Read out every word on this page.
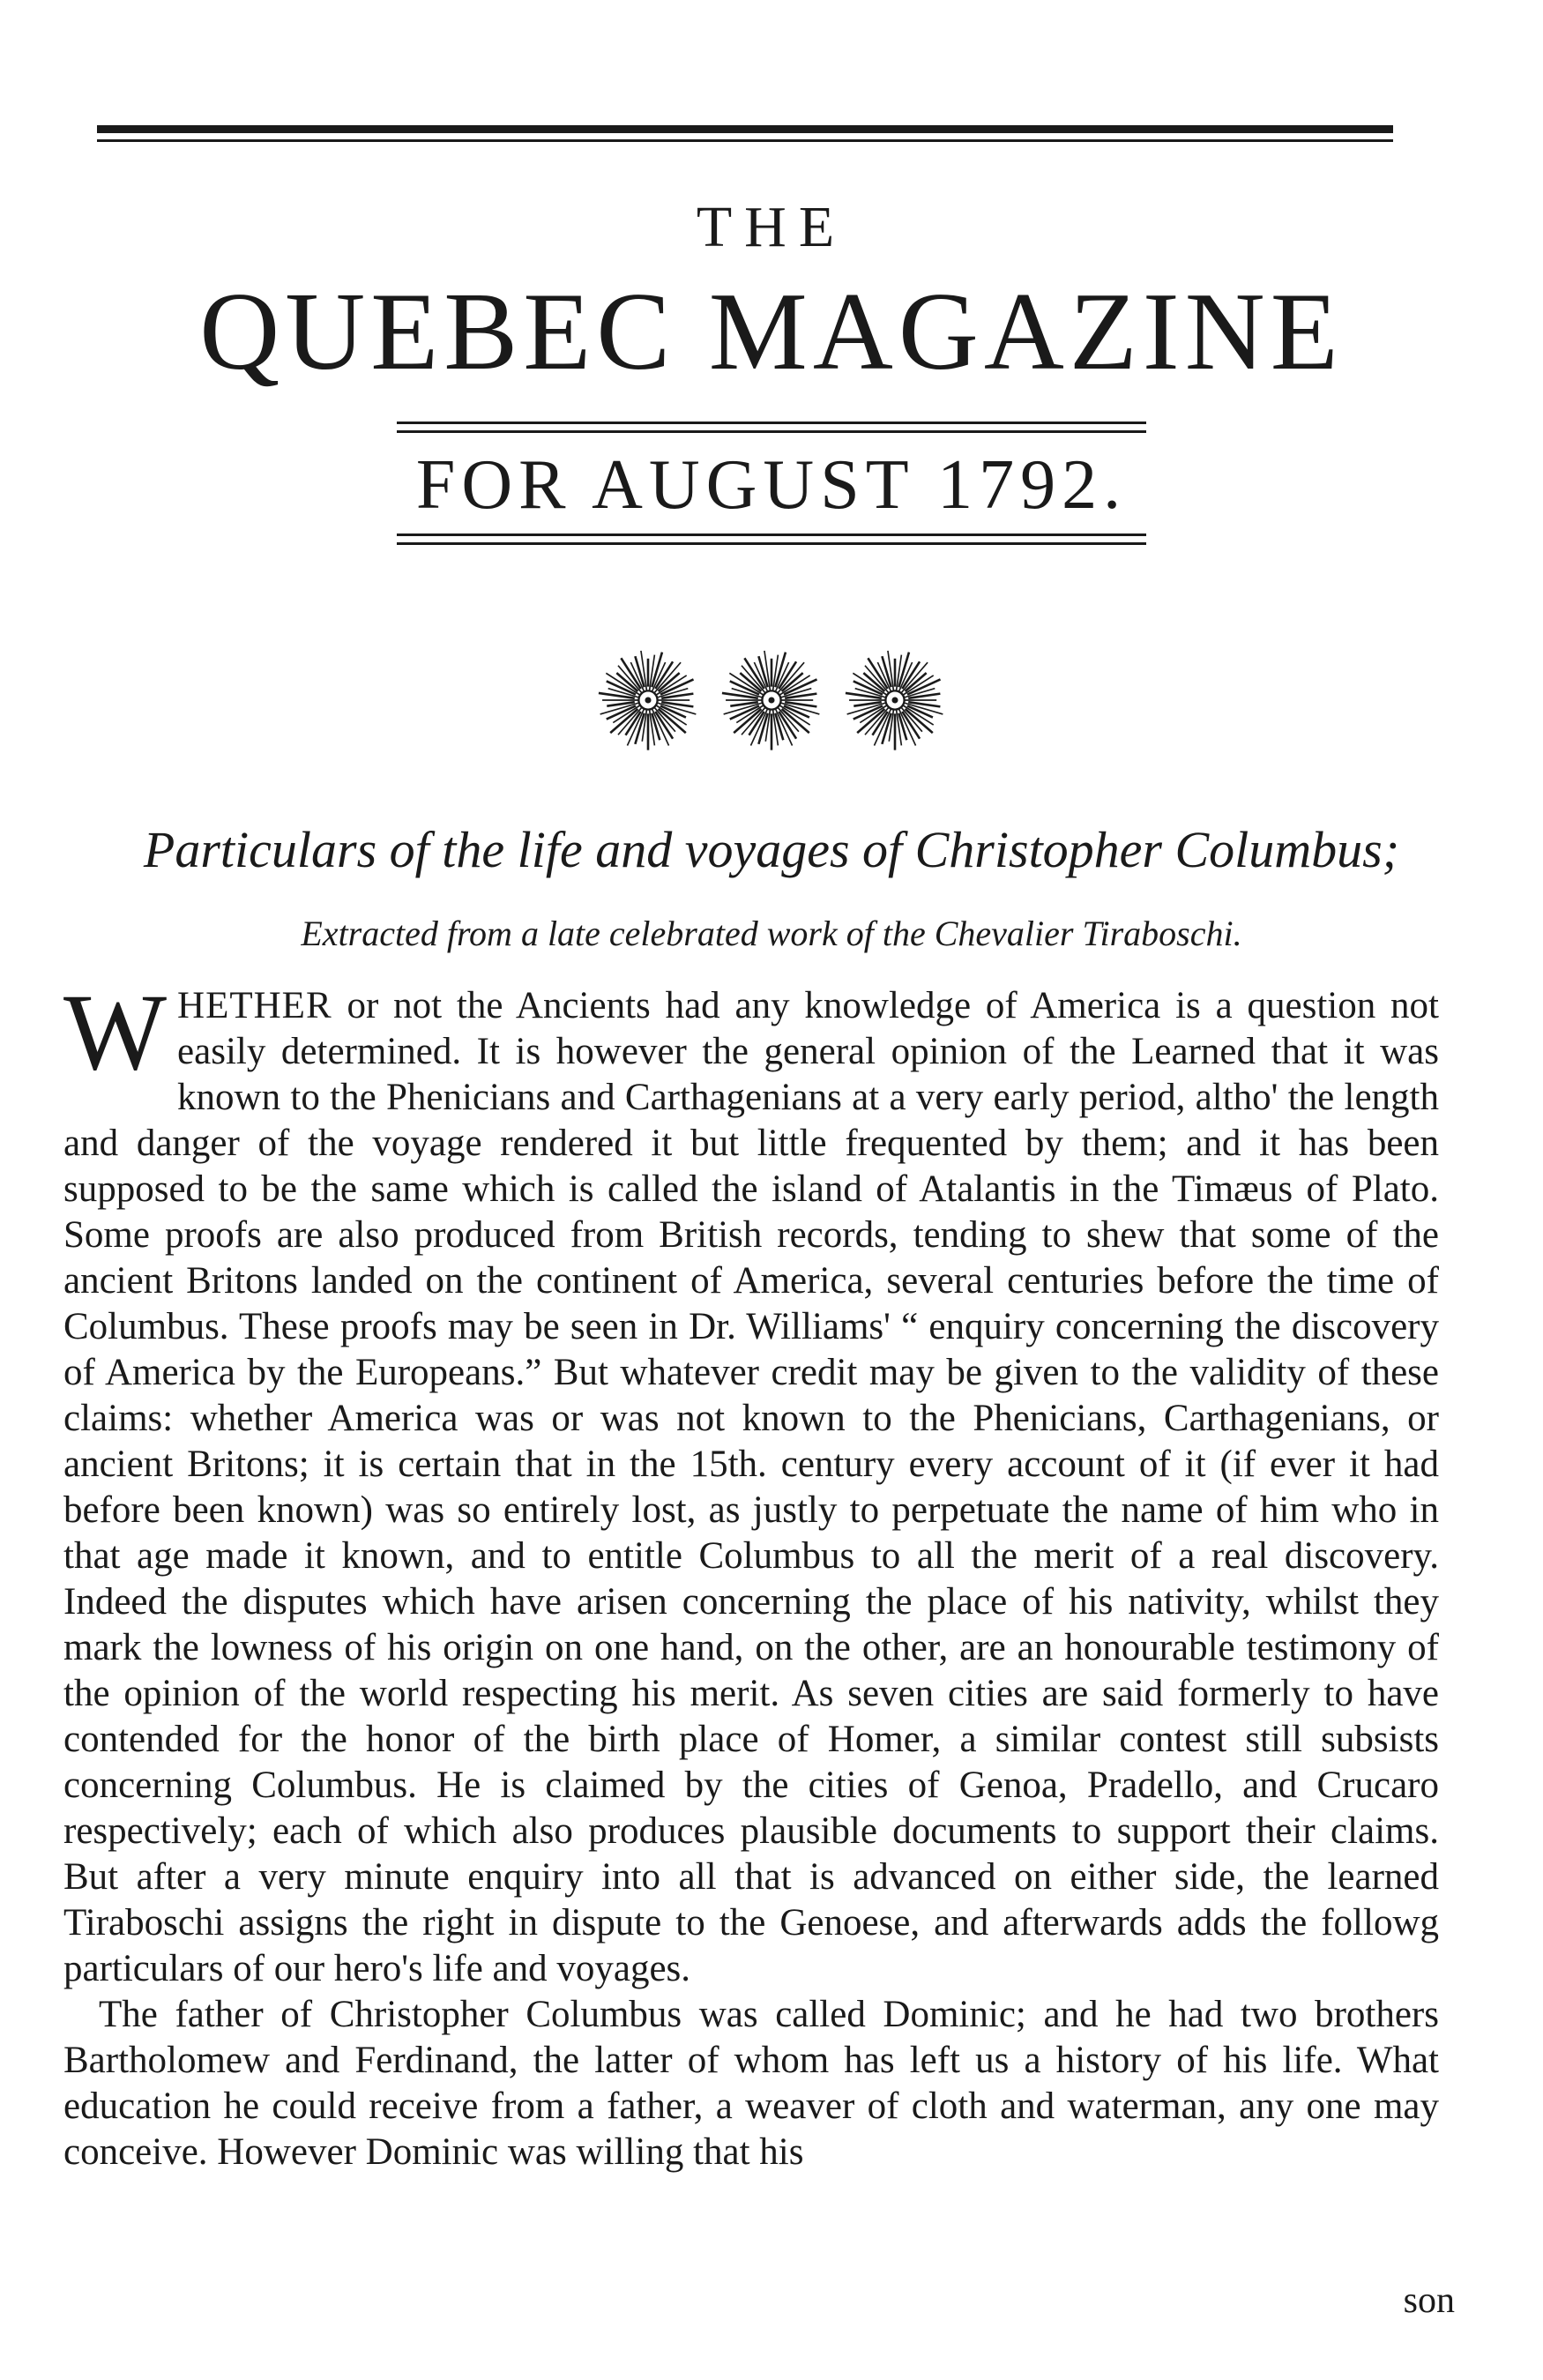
THE
QUEBEC MAGAZINE
FOR AUGUST 1792.
Particulars of the life and voyages of Christopher Columbus;
Extracted from a late celebrated work of the Chevalier Tiraboschi.

WHETHER or not the Ancients had any knowledge of America is a question not easily determined. It is however the general opinion of the Learned that it was known to the Phenicians and Carthagenians at a very early period, altho' the length and danger of the voyage rendered it but little frequented by them; and it has been supposed to be the same which is called the island of Atalantis in the Timæus of Plato. Some proofs are also produced from British records, tending to shew that some of the ancient Britons landed on the continent of America, several centuries before the time of Columbus. These proofs may be seen in Dr. Williams' “ enquiry concerning the discovery of America by the Europeans.” But whatever credit may be given to the validity of these claims: whether America was or was not known to the Phenicians, Carthagenians, or ancient Britons; it is certain that in the 15th. century every account of it (if ever it had before been known) was so entirely lost, as justly to perpetuate the name of him who in that age made it known, and to entitle Columbus to all the merit of a real discovery. Indeed the disputes which have arisen concerning the place of his nativity, whilst they mark the lowness of his origin on one hand, on the other, are an honourable testimony of the opinion of the world respecting his merit. As seven cities are said formerly to have contended for the honor of the birth place of Homer, a similar contest still subsists concerning Columbus. He is claimed by the cities of Genoa, Pradello, and Crucaro respectively; each of which also produces plausible documents to support their claims. But after a very minute enquiry into all that is advanced on either side, the learned Tiraboschi assigns the right in dispute to the Genoese, and afterwards adds the followg particulars of our hero's life and voyages.

The father of Christopher Columbus was called Dominic; and he had two brothers Bartholomew and Ferdinand, the latter of whom has left us a history of his life. What education he could receive from a father, a weaver of cloth and waterman, any one may conceive. However Dominic was willing that his

son
